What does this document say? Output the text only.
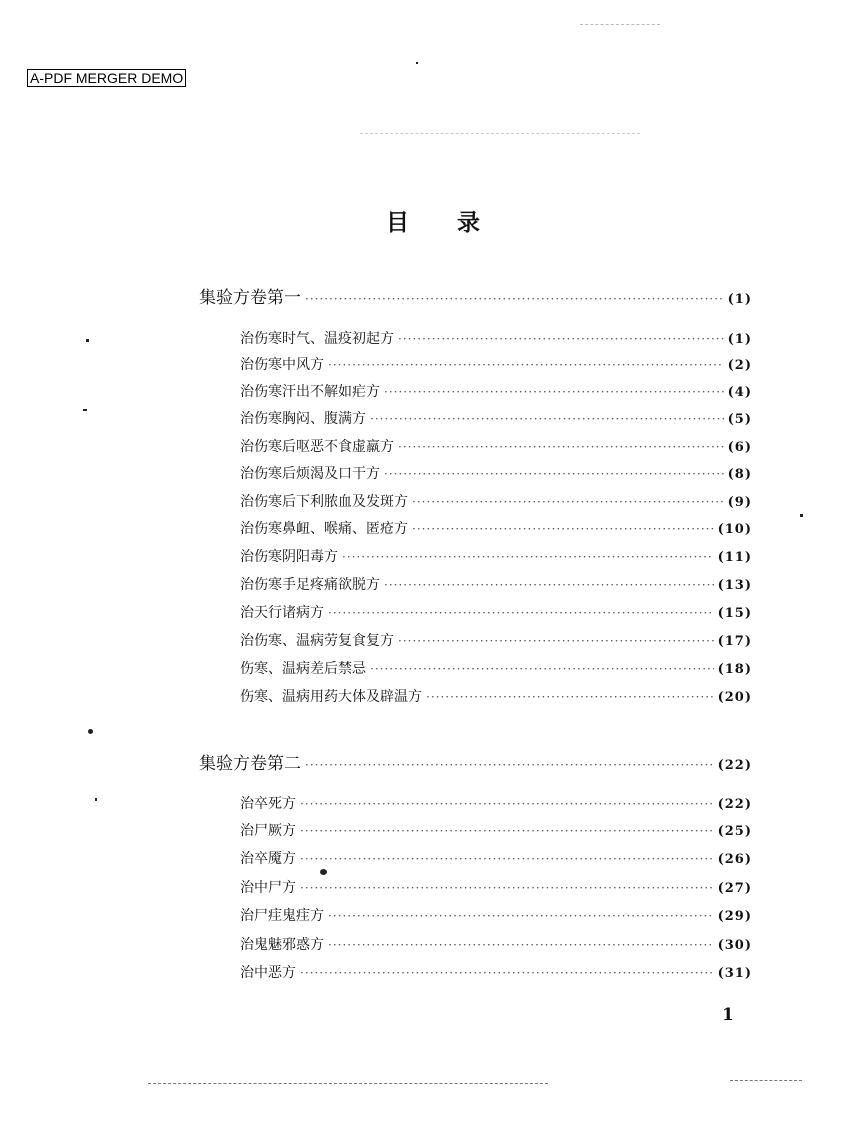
A-PDF MERGER DEMO
目录
集验方卷第一 ·····	(1)
治伤寒时气、温疫初起方 ·····	(1)
治伤寒中风方 ·····	(2)
治伤寒汗出不解如疟方 ·····	(4)
治伤寒胸闷、腹满方 ·····	(5)
治伤寒后呕恶不食虚羸方 ·····	(6)
治伤寒后烦渴及口干方 ·····	(8)
治伤寒后下利脓血及发斑方 ·····	(9)
治伤寒鼻衄、喉痛、匿疮方 ·····	(10)
治伤寒阴阳毒方 ·····	(11)
治伤寒手足疼痛欲脱方 ·····	(13)
治天行诸病方 ·····	(15)
治伤寒、温病劳复食复方 ·····	(17)
伤寒、温病差后禁忌 ·····	(18)
伤寒、温病用药大体及辟温方 ·····	(20)
集验方卷第二 ·····	(22)
治卒死方 ·····	(22)
治尸厥方 ·····	(25)
治卒魇方 ·····	(26)
治中尸方 ·····	(27)
治尸疰鬼疰方 ·····	(29)
治鬼魅邪惑方 ·····	(30)
治中恶方 ·····	(31)
1
